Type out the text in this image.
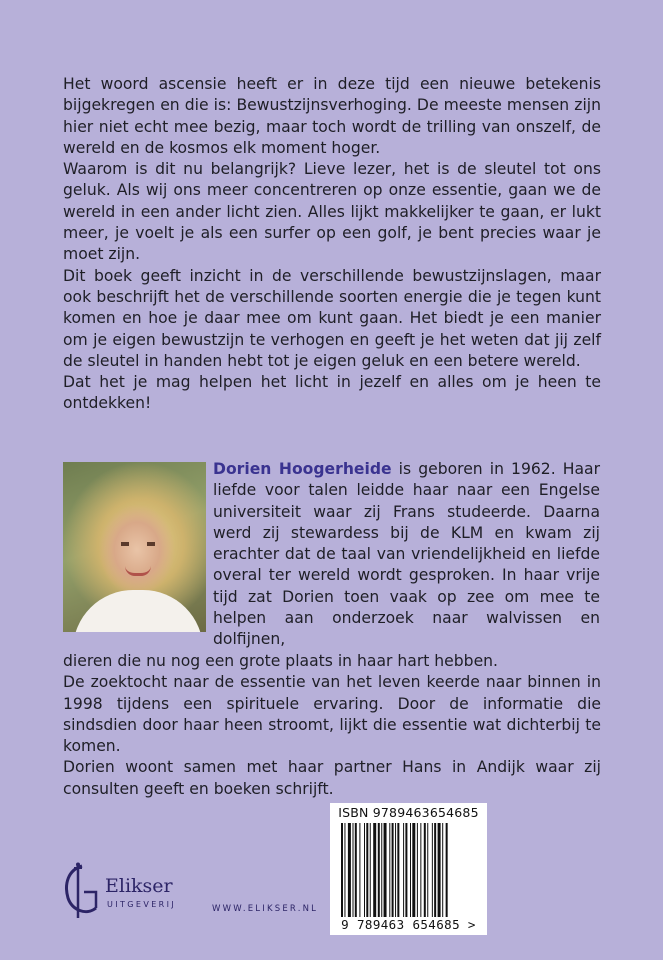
Het woord ascensie heeft er in deze tijd een nieuwe betekenis bijgekregen en die is: Bewustzijnsverhoging. De meeste mensen zijn hier niet echt mee bezig, maar toch wordt de trilling van onszelf, de wereld en de kosmos elk moment hoger.

Waarom is dit nu belangrijk? Lieve lezer, het is de sleutel tot ons geluk. Als wij ons meer concentreren op onze essentie, gaan we de wereld in een ander licht zien. Alles lijkt makkelijker te gaan, er lukt meer, je voelt je als een surfer op een golf, je bent precies waar je moet zijn.

Dit boek geeft inzicht in de verschillende bewustzijnslagen, maar ook beschrijft het de verschillende soorten energie die je tegen kunt komen en hoe je daar mee om kunt gaan. Het biedt je een manier om je eigen bewustzijn te verhogen en geeft je het weten dat jij zelf de sleutel in handen hebt tot je eigen geluk en een betere wereld.

Dat het je mag helpen het licht in jezelf en alles om je heen te ontdekken!

Dorien Hoogerheide is geboren in 1962. Haar liefde voor talen leidde haar naar een Engelse universiteit waar zij Frans studeerde. Daarna werd zij stewardess bij de KLM en kwam zij erachter dat de taal van vriendelijkheid en liefde overal ter wereld wordt gesproken. In haar vrije tijd zat Dorien toen vaak op zee om mee te helpen aan onderzoek naar walvissen en dolfijnen,

dieren die nu nog een grote plaats in haar hart hebben.

De zoektocht naar de essentie van het leven keerde naar binnen in 1998 tijdens een spirituele ervaring. Door de informatie die sindsdien door haar heen stroomt, lijkt die essentie wat dichterbij te komen.

Dorien woont samen met haar partner Hans in Andijk waar zij consulten geeft en boeken schrijft.

ISBN 9789463654685
9 789463 654685 >
Elikser
UITGEVERIJ	WWW.ELIKSER.NL
